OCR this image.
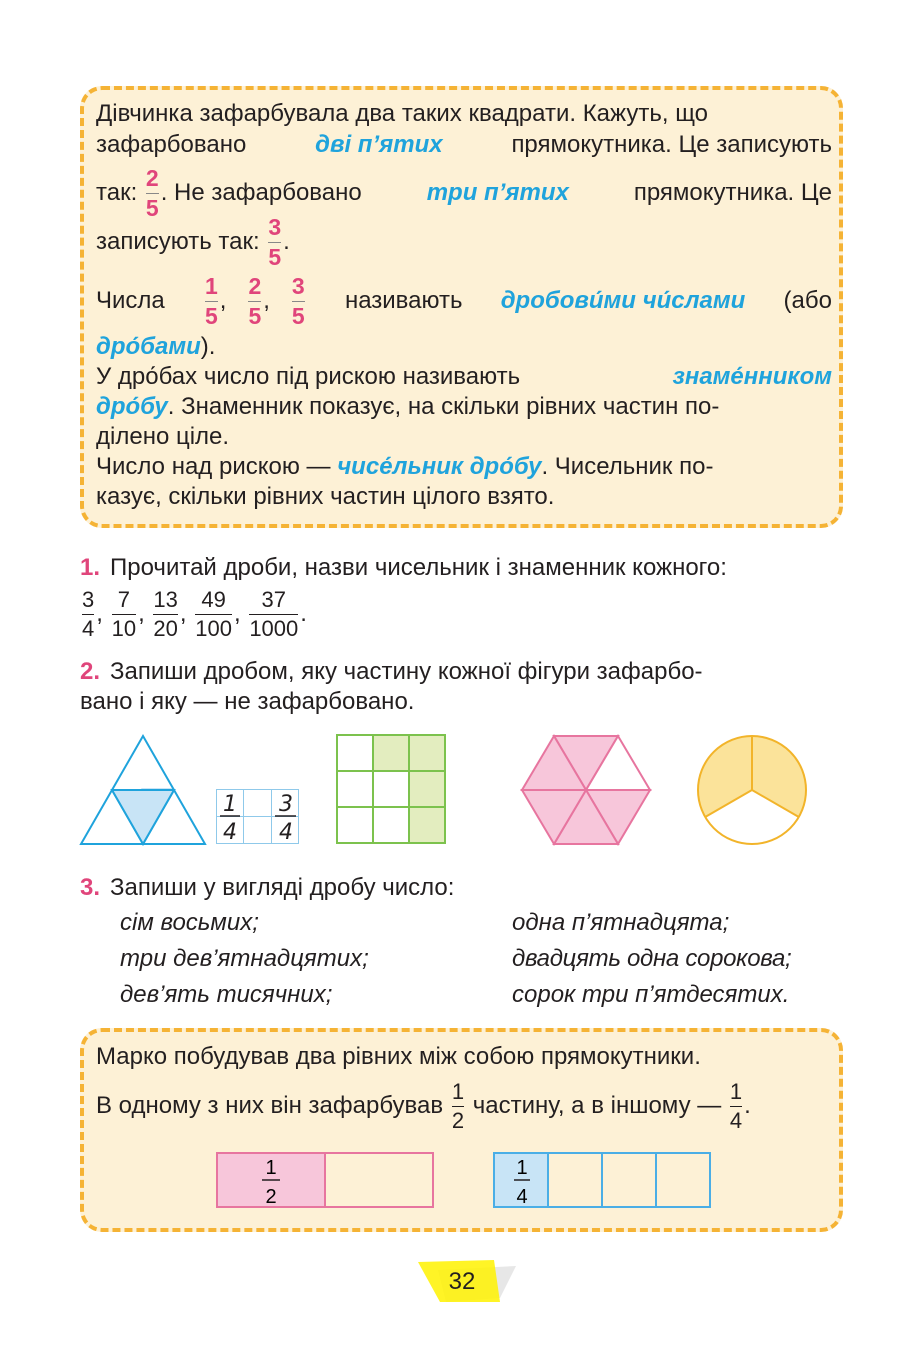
Дівчинка зафарбувала два таких квадрати. Кажуть, що
зафарбовано	дві п’ятих	прямокутника. Це записують
так: $\frac{2}{5}$ . Не зафарбовано	три п’ятих	прямокутника. Це
записують так:
$\frac{3}{5}$ .
Числа $\frac{1}{5}$ , $\frac{2}{5}$ , $\frac{3}{5}$ називають дробови́ми чи́слами (або
дро́бами).
У дро́бах число під рискою називають	знаме́нником
дро́бу. Знаменник показує, на скільки рівних частин по-
ділено ціле.
Число над рискою — чисе́льник дро́бу. Чисельник по-
казує, скільки рівних частин цілого взято.
1. Прочитай дроби, назви чисельник і знаменник кожного:
$\frac{3}{4}$ , $\frac{7}{10}$ , $\frac{13}{20}$ , $\frac{49}{100}$ , $\frac{37}{1000}$ .
2. Запиши дробом, яку частину кожної фігури зафарбо-
вано і яку — не зафарбовано.
1
4
3
4
3. Запиши у вигляді дробу число:
сім восьмих;
три дев’ятнадцятих;
дев’ять тисячних;
одна п’ятнадцята;
двадцять одна сорокова;
сорок три п’ятдесятих.
Марко побудував два рівних між собою прямокутники.
В одному з них він зафарбував
$\frac{1}{2}$
частину, а в іншому —
$\frac{1}{4}$ .
1
2
1
4
32
